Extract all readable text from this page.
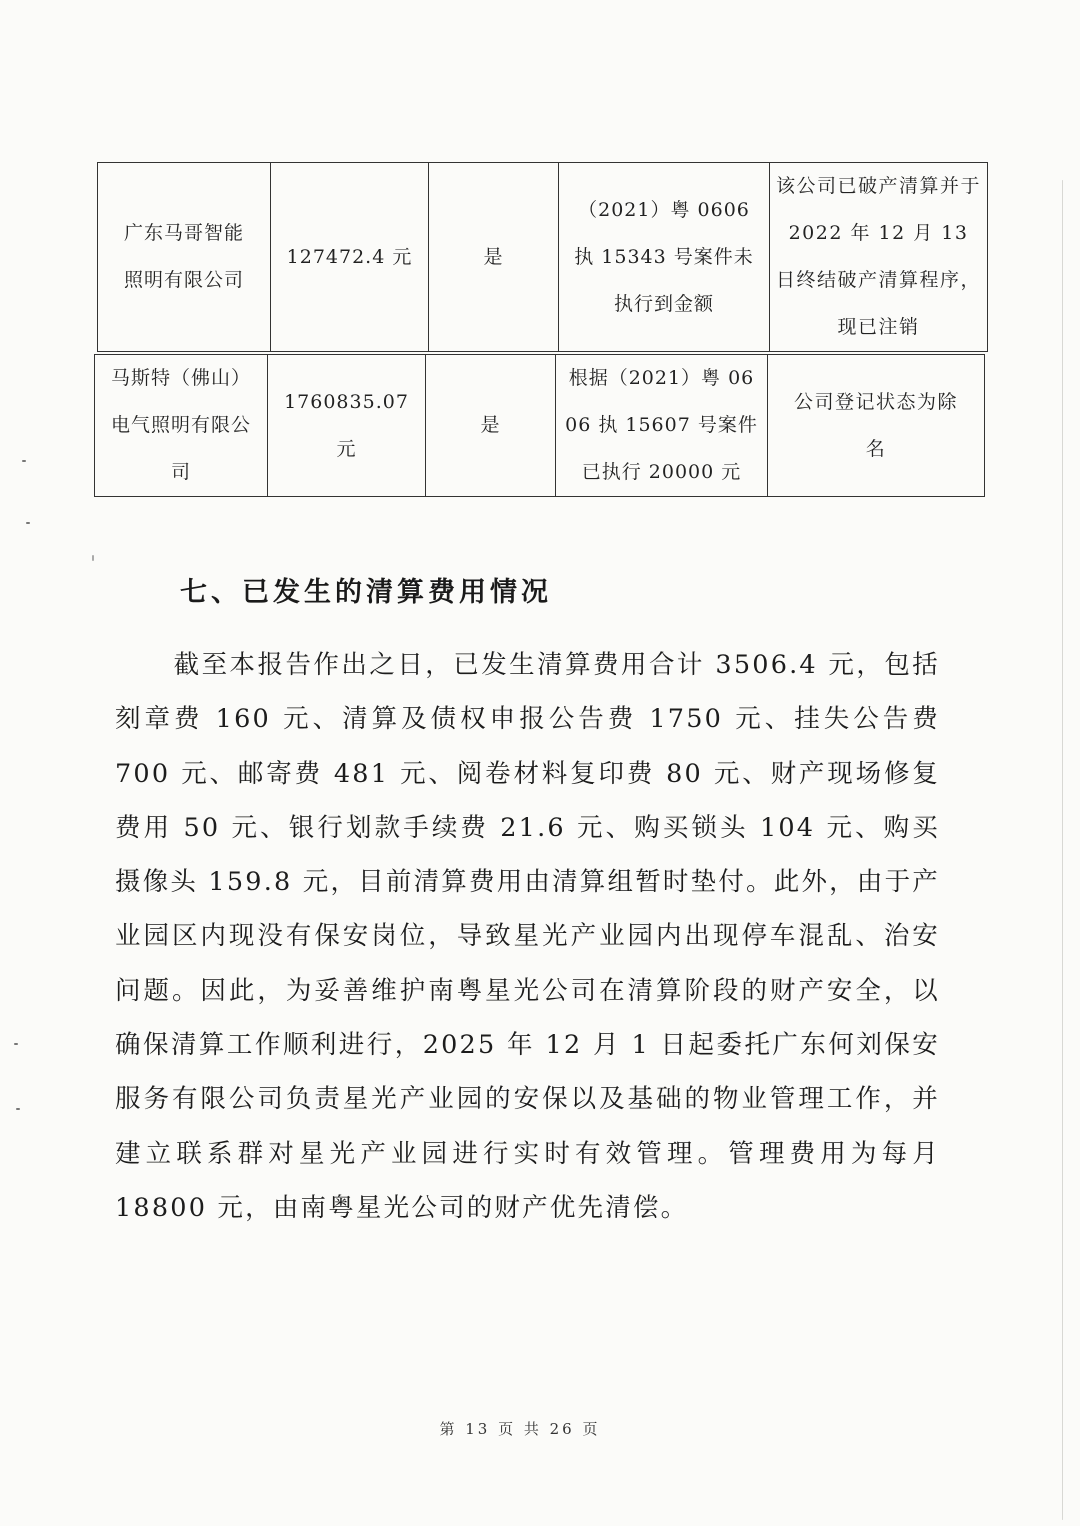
广东马哥智能照明有限公司	127472.4 元	是	（2021）粤 0606 执 15343 号案件未执行到金额	该公司已破产清算并于 2022 年 12 月 13 日终结破产清算程序，现已注销
马斯特（佛山）电气照明有限公司	1760835.07 元	是	根据（2021）粤 0606 执 15607 号案件已执行 20000 元	公司登记状态为除名
七、已发生的清算费用情况

截至本报告作出之日，已发生清算费用合计 3506.4 元，包括刻章费 160 元、清算及债权申报公告费 1750 元、挂失公告费 700 元、邮寄费 481 元、阅卷材料复印费 80 元、财产现场修复费用 50 元、银行划款手续费 21.6 元、购买锁头 104 元、购买摄像头 159.8 元，目前清算费用由清算组暂时垫付。此外，由于产业园区内现没有保安岗位，导致星光产业园内出现停车混乱、治安问题。因此，为妥善维护南粤星光公司在清算阶段的财产安全，以确保清算工作顺利进行，2025 年 12 月 1 日起委托广东何刘保安服务有限公司负责星光产业园的安保以及基础的物业管理工作，并建立联系群对星光产业园进行实时有效管理。管理费用为每月 18800 元，由南粤星光公司的财产优先清偿。

第 13 页 共 26 页
